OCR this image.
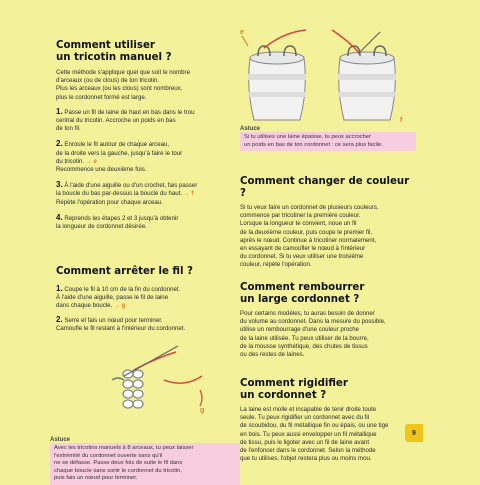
Comment utiliser
un tricotin manuel ?

Cette méthode s'applique quel que soit le nombre
d'arceaux (ou de clous) de ton tricotin.
Plus les arceaux (ou les clous) sont nombreux,
plus le cordonnet formé est large.

1. Passe un fil de laine de haut en bas dans le trou
central du tricotin. Accroche un poids en bas
de ton fil.

2. Enroule le fil autour de chaque arceau,
de la droite vers la gauche, jusqu'à faire le tour
du tricotin. → e
Recommence une deuxième fois.

3. À l'aide d'une aiguille ou d'un crochet, fais passer
la boucle du bas par-dessus la boucle du haut. → f
Répète l'opération pour chaque arceau.

4. Reprends les étapes 2 et 3 jusqu'à obtenir
la longueur de cordonnet désirée.

Comment arrêter le fil ?

1. Coupe le fil à 10 cm de la fin du cordonnet.
À l'aide d'une aiguille, passe le fil de laine
dans chaque boucle. → g

2. Serre et fais un nœud pour terminer.
Camoufle le fil restant à l'intérieur du cordonnet.

g
Astuce
Avec les tricotins manuels à 8 arceaux, tu peux laisser
l'extrémité du cordonnet ouverte sans qu'il
ne se défasse. Passe deux fois de suite le fil dans
chaque boucle sans sortir le cordonnet du tricotin,
puis fais un nœud pour terminer.
e
f
Astuce
Si tu utilises une laine épaisse, tu peux accrocher
un poids en bas de ton cordonnet : ce sera plus facile.
Comment changer de couleur ?

Si tu veux faire un cordonnet de plusieurs couleurs,
commence par tricotiner la première couleur.
Lorsque la longueur te convient, noue un fil
de la deuxième couleur, puis coupe le premier fil,
après le nœud. Continue à tricotiner normalement,
en essayant de camoufler le nœud à l'intérieur
du cordonnet. Si tu veux utiliser une troisième
couleur, répète l'opération.

Comment rembourrer
un large cordonnet ?

Pour certains modèles, tu auras besoin de donner
du volume au cordonnet. Dans la mesure du possible,
utilise un rembourrage d'une couleur proche
de la laine utilisée. Tu peux utiliser de la bourre,
de la mousse synthétique, des chutes de tissus
ou des restes de laines.

Comment rigidifier
un cordonnet ?

La laine est molle et incapable de tenir droite toute
seule. Tu peux rigidifier un cordonnet avec du fil
de scoubidou, du fil métallique fin ou épais, ou une tige
en bois. Tu peux aussi envelopper un fil métallique
de tissu, puis le ligoter avec un fil de laine avant
de l'enfoncer dans le cordonnet. Selon la méthode
que tu utilises, l'objet restera plus ou moins mou.

9
